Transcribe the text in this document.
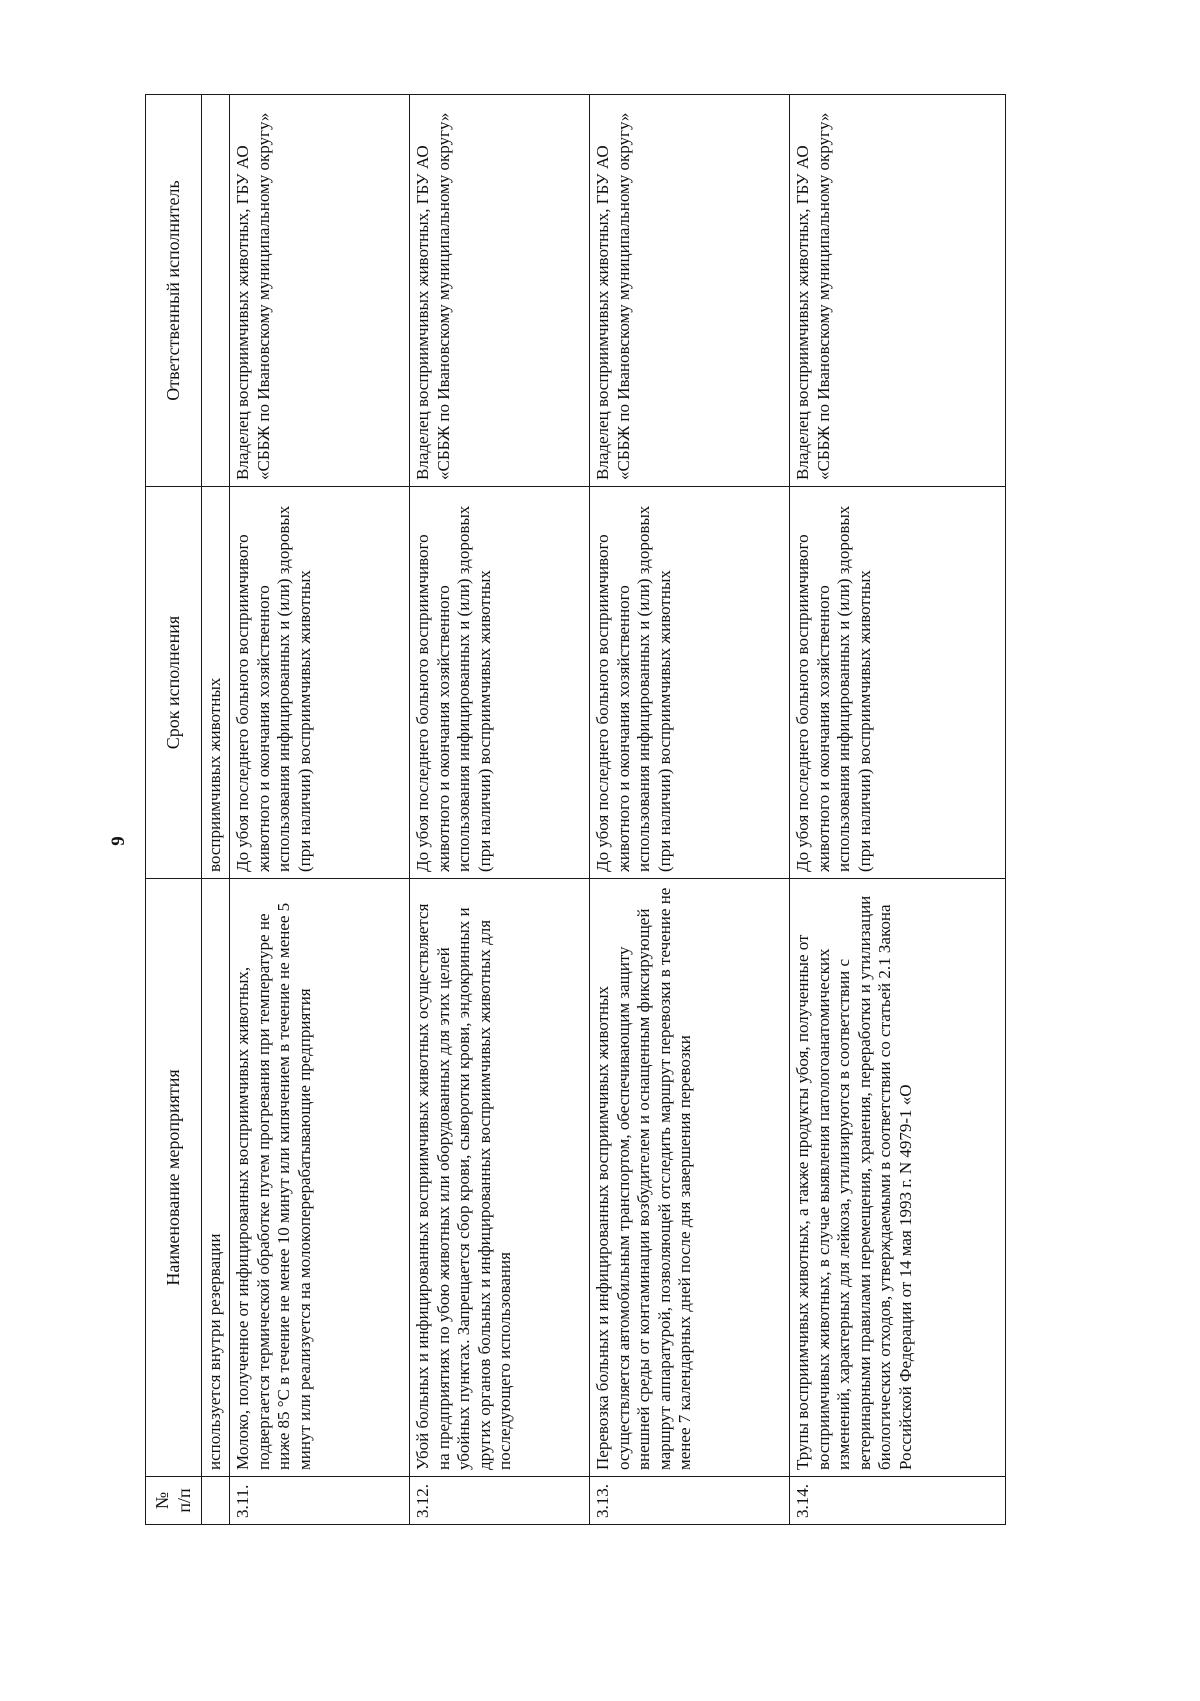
9
№ п/п	Наименование мероприятия	Срок исполнения	Ответственный исполнитель
	используется внутри резервации	восприимчивых животных	
3.11.	Молоко, полученное от инфицированных восприимчивых животных, подвергается термической обработке путем прогревания при температуре не ниже 85 °С в течение не менее 10 минут или кипячением в течение не менее 5 минут или реализуется на молокоперерабатывающие предприятия	До убоя последнего больного восприимчивого животного и окончания хозяйственного использования инфицированных и (или) здоровых (при наличии) восприимчивых животных	Владелец восприимчивых животных, ГБУ АО «СББЖ по Ивановскому муниципальному округу»
3.12.	Убой больных и инфицированных восприимчивых животных осуществляется на предприятиях по убою животных или оборудованных для этих целей убойных пунктах. Запрещается сбор крови, сыворотки крови, эндокринных и других органов больных и инфицированных восприимчивых животных для последующего использования	До убоя последнего больного восприимчивого животного и окончания хозяйственного использования инфицированных и (или) здоровых (при наличии) восприимчивых животных	Владелец восприимчивых животных, ГБУ АО «СББЖ по Ивановскому муниципальному округу»
3.13.	Перевозка больных и инфицированных восприимчивых животных осуществляется автомобильным транспортом, обеспечивающим защиту внешней среды от контаминации возбудителем и оснащенным фиксирующей маршрут аппаратурой, позволяющей отследить маршрут перевозки в течение не менее 7 календарных дней после дня завершения перевозки	До убоя последнего больного восприимчивого животного и окончания хозяйственного использования инфицированных и (или) здоровых (при наличии) восприимчивых животных	Владелец восприимчивых животных, ГБУ АО «СББЖ по Ивановскому муниципальному округу»
3.14.	Трупы восприимчивых животных, а также продукты убоя, полученные от восприимчивых животных, в случае выявления патологоанатомических изменений, характерных для лейкоза, утилизируются в соответствии с ветеринарными правилами перемещения, хранения, переработки и утилизации биологических отходов, утверждаемыми в соответствии со статьей 2.1 Закона Российской Федерации от 14 мая 1993 г. N 4979-1 «О	До убоя последнего больного восприимчивого животного и окончания хозяйственного использования инфицированных и (или) здоровых (при наличии) восприимчивых животных	Владелец восприимчивых животных, ГБУ АО «СББЖ по Ивановскому муниципальному округу»
